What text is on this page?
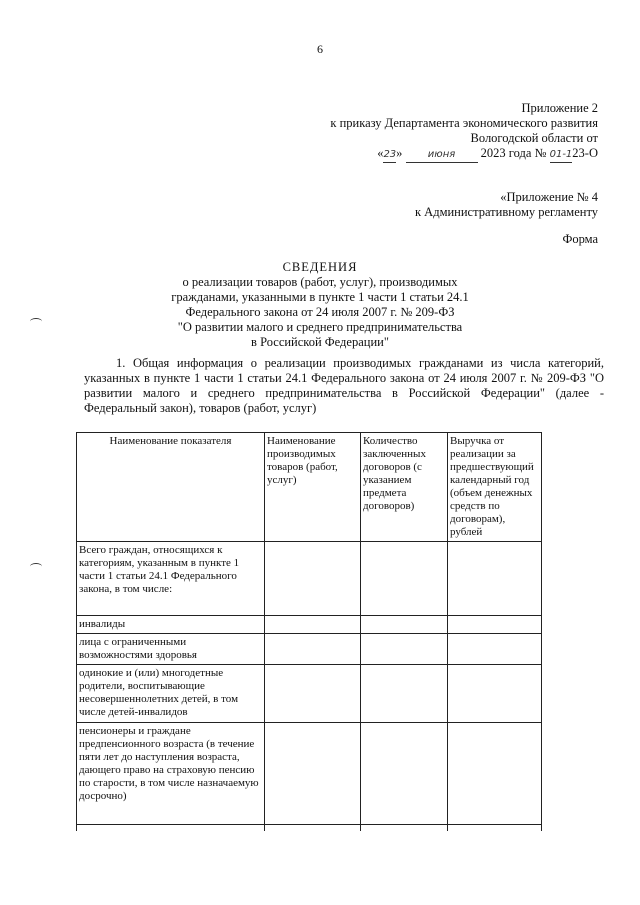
6
Приложение 2
к приказу Департамента экономического развития
Вологодской области от
«23»	июня 2023 года № 01-123-О
«Приложение № 4
к Административному регламенту
Форма
СВЕДЕНИЯ
о реализации товаров (работ, услуг), производимых
гражданами, указанными в пункте 1 части 1 статьи 24.1
Федерального закона от 24 июля 2007 г. № 209-ФЗ
"О развитии малого и среднего предпринимательства
в Российской Федерации"
1. Общая информация о реализации производимых гражданами из числа категорий, указанных в пункте 1 части 1 статьи 24.1 Федерального закона от 24 июля 2007 г. № 209-ФЗ "О развитии малого и среднего предпринимательства в Российской Федерации" (далее - Федеральный закон), товаров (работ, услуг)
Наименование показателя	Наименование производимых товаров (работ, услуг)	Количество заключенных договоров (с указанием предмета договоров)	Выручка от реализации за предшествующий календарный год (объем денежных средств по договорам), рублей
Всего граждан, относящихся к категориям, указанным в пункте 1 части 1 статьи 24.1 Федерального закона, в том числе:			
инвалиды			
лица с ограниченными возможностями здоровья			
одинокие и (или) многодетные родители, воспитывающие несовершеннолетних детей, в том числе детей-инвалидов			
пенсионеры и граждане предпенсионного возраста (в течение пяти лет до наступления возраста, дающего право на страховую пенсию по старости, в том числе назначаемую досрочно)			
